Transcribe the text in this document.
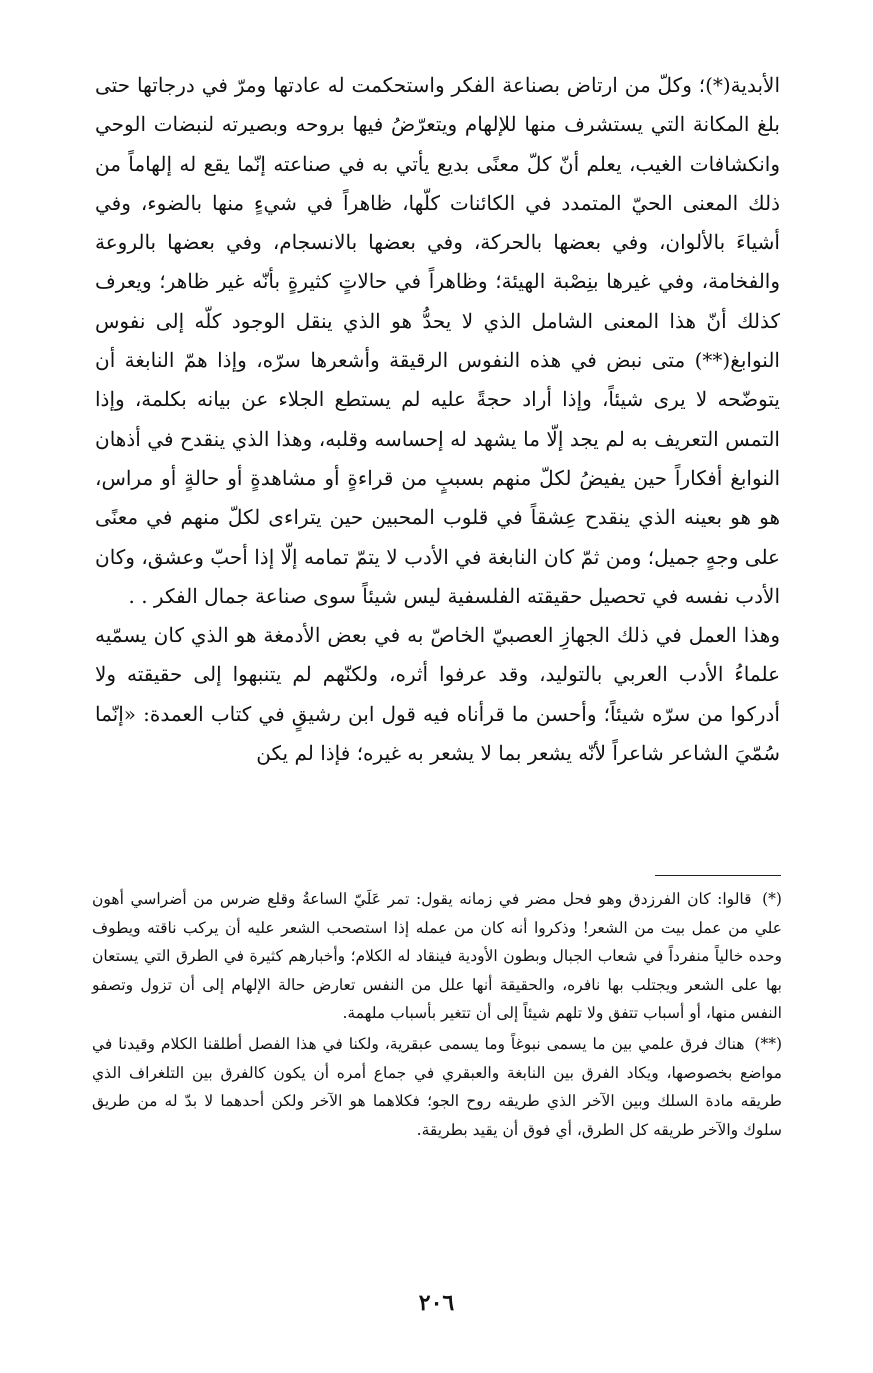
الأبدية(*)؛ وكلّ من ارتاض بصناعة الفكر واستحكمت له عادتها ومرّ في درجاتها حتى بلغ المكانة التي يستشرف منها للإلهام ويتعرّضُ فيها بروحه وبصيرته لنبضات الوحي وانكشافات الغيب، يعلم أنّ كلّ معنًى بديع يأتي به في صناعته إنّما يقع له إلهاماً من ذلك المعنى الحيّ المتمدد في الكائنات كلّها، ظاهراً في شيءٍ منها بالضوء، وفي أشياءَ بالألوان، وفي بعضها بالحركة، وفي بعضها بالانسجام، وفي بعضها بالروعة والفخامة، وفي غيرها بنِصْبة الهيئة؛ وظاهراً في حالاتٍ كثيرةٍ بأنّه غير ظاهر؛ ويعرف كذلك أنّ هذا المعنى الشامل الذي لا يحدُّ هو الذي ينقل الوجود كلّه إلى نفوس النوابغ(**) متى نبض في هذه النفوس الرقيقة وأشعرها سرّه، وإذا همّ النابغة أن يتوضّحه لا يرى شيئاً، وإذا أراد حجةً عليه لم يستطع الجلاء عن بيانه بكلمة، وإذا التمس التعريف به لم يجد إلّا ما يشهد له إحساسه وقلبه، وهذا الذي ينقدح في أذهان النوابغ أفكاراً حين يفيضُ لكلّ منهم بسببٍ من قراءةٍ أو مشاهدةٍ أو حالةٍ أو مراس، هو هو بعينه الذي ينقدح عِشقاً في قلوب المحبين حين يتراءى لكلّ منهم في معنًى على وجهٍ جميل؛ ومن ثمّ كان النابغة في الأدب لا يتمّ تمامه إلّا إذا أحبّ وعشق، وكان الأدب نفسه في تحصيل حقيقته الفلسفية ليس شيئاً سوى صناعة جمال الفكر . .

وهذا العمل في ذلك الجهازِ العصبيّ الخاصّ به في بعض الأدمغة هو الذي كان يسمّيه علماءُ الأدب العربي بالتوليد، وقد عرفوا أثره، ولكنّهم لم يتنبهوا إلى حقيقته ولا أدركوا من سرّه شيئاً؛ وأحسن ما قرأناه فيه قول ابن رشيقٍ في كتاب العمدة: «إنّما سُمّيَ الشاعر شاعراً لأنّه يشعر بما لا يشعر به غيره؛ فإذا لم يكن

(*) قالوا: كان الفرزدق وهو فحل مضر في زمانه يقول: تمر عَلَيّ الساعةُ وقلع ضرس من أضراسي أهون علي من عمل بيت من الشعر! وذكروا أنه كان من عمله إذا استصحب الشعر عليه أن يركب ناقته ويطوف وحده خالياً منفرداً في شعاب الجبال وبطون الأودية فينقاد له الكلام؛ وأخبارهم كثيرة في الطرق التي يستعان بها على الشعر ويجتلب بها نافره، والحقيقة أنها علل من النفس تعارض حالة الإلهام إلى أن تزول وتصفو النفس منها، أو أسباب تتفق ولا تلهم شيئاً إلى أن تتغير بأسباب ملهمة.

(**) هناك فرق علمي بين ما يسمى نبوغاً وما يسمى عبقرية، ولكنا في هذا الفصل أطلقنا الكلام وقيدنا في مواضع بخصوصها، ويكاد الفرق بين النابغة والعبقري في جماع أمره أن يكون كالفرق بين التلغراف الذي طريقه مادة السلك وبين الآخر الذي طريقه روح الجو؛ فكلاهما هو الآخر ولكن أحدهما لا بدّ له من طريق سلوك والآخر طريقه كل الطرق، أي فوق أن يقيد بطريقة.

٢٠٦
